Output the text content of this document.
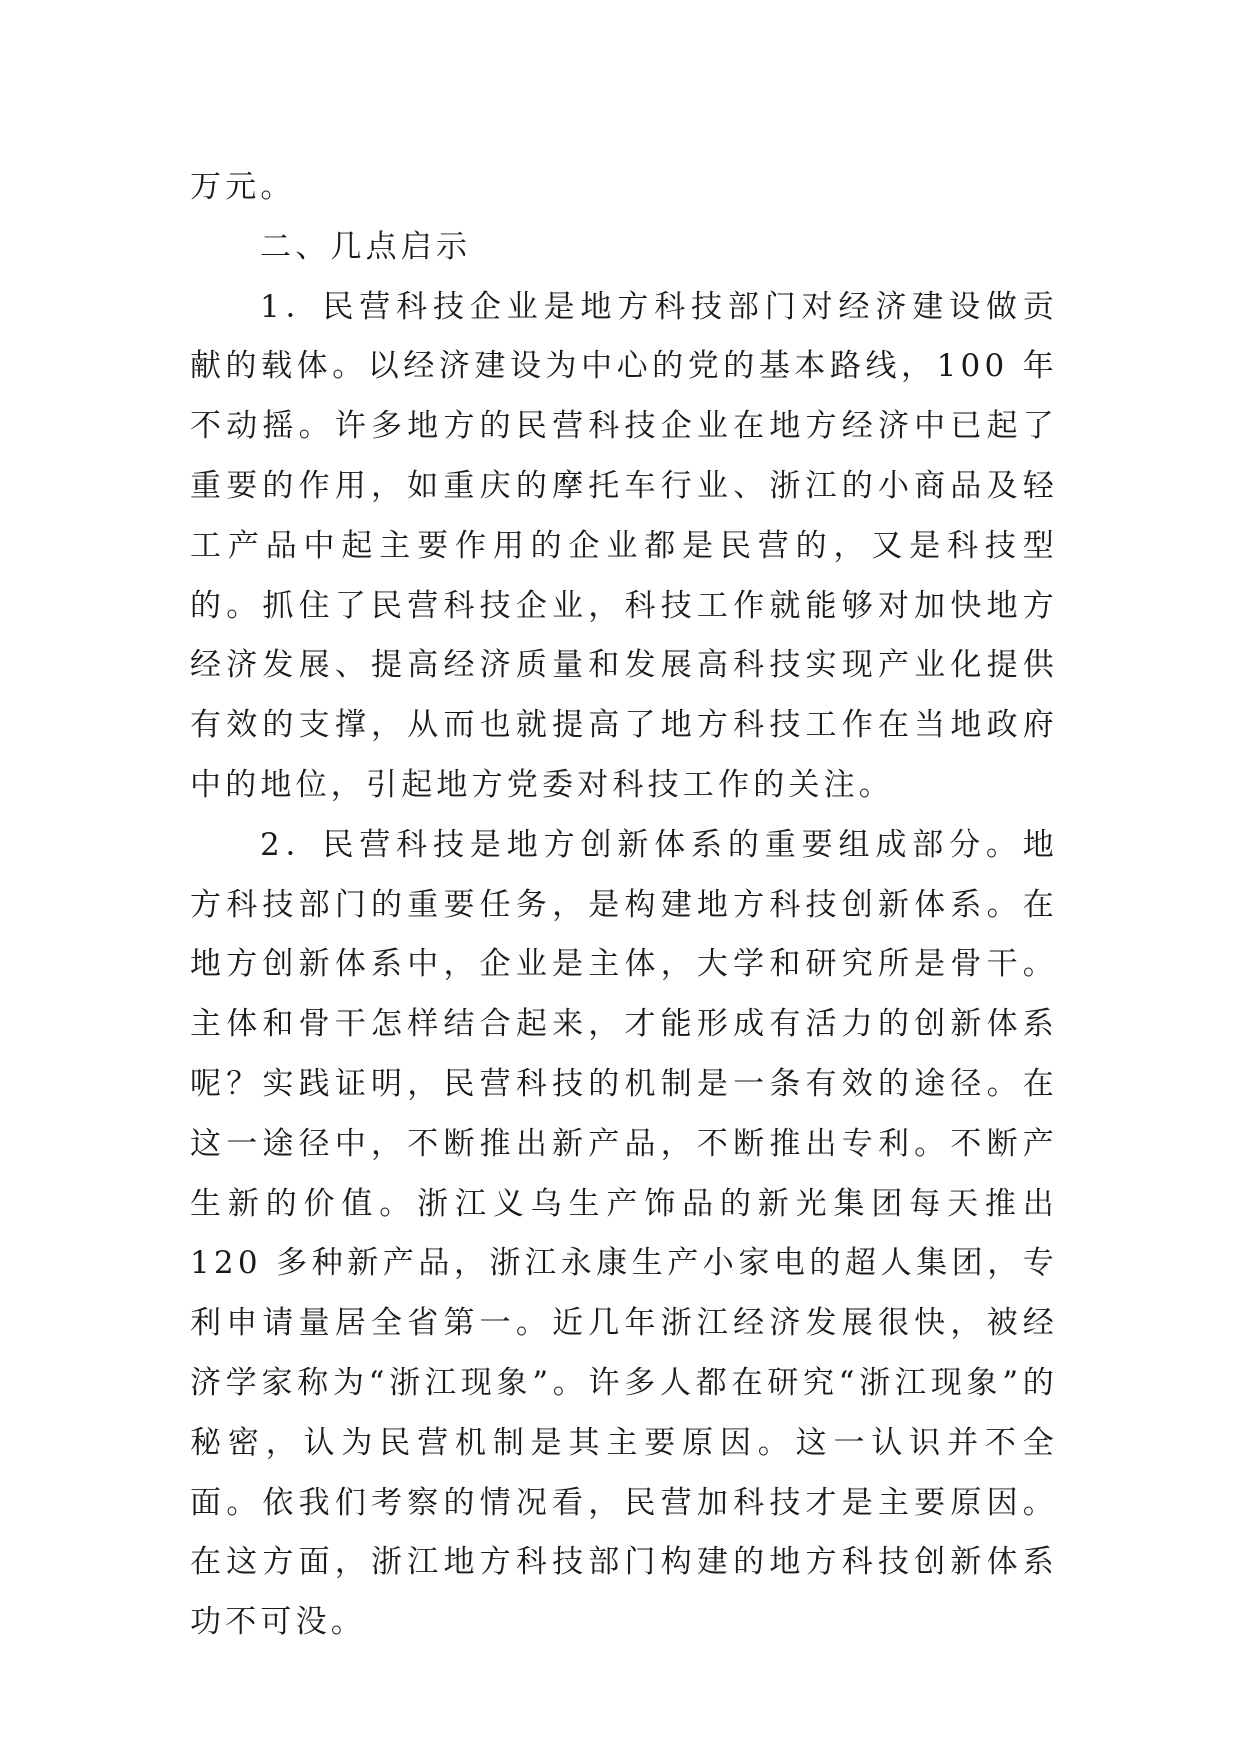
万元。

二、几点启示

1．民营科技企业是地方科技部门对经济建设做贡献的载体。以经济建设为中心的党的基本路线，100 年不动摇。许多地方的民营科技企业在地方经济中已起了重要的作用，如重庆的摩托车行业、浙江的小商品及轻工产品中起主要作用的企业都是民营的，又是科技型的。抓住了民营科技企业，科技工作就能够对加快地方经济发展、提高经济质量和发展高科技实现产业化提供有效的支撑，从而也就提高了地方科技工作在当地政府中的地位，引起地方党委对科技工作的关注。

2．民营科技是地方创新体系的重要组成部分。地方科技部门的重要任务，是构建地方科技创新体系。在地方创新体系中，企业是主体，大学和研究所是骨干。主体和骨干怎样结合起来，才能形成有活力的创新体系呢？实践证明，民营科技的机制是一条有效的途径。在这一途径中，不断推出新产品，不断推出专利。不断产生新的价值。浙江义乌生产饰品的新光集团每天推出 120 多种新产品，浙江永康生产小家电的超人集团，专利申请量居全省第一。近几年浙江经济发展很快，被经济学家称为“浙江现象”。许多人都在研究“浙江现象”的秘密，认为民营机制是其主要原因。这一认识并不全面。依我们考察的情况看，民营加科技才是主要原因。在这方面，浙江地方科技部门构建的地方科技创新体系功不可没。
